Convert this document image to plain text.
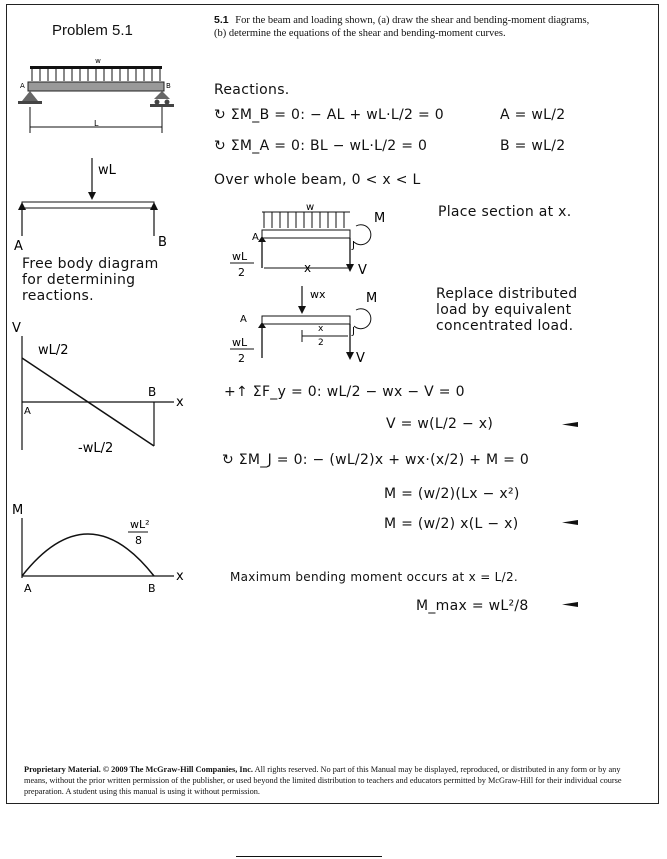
Problem 5.1
5.1 For the beam and loading shown, (a) draw the shear and bending-moment diagrams, (b) determine the equations of the shear and bending-moment curves.
w
A	B
L
wL
A	B
Free body diagram
for determining
reactions.
V
x
wL/2
-wL/2
A
B
M
x
wL²
8
A	B
Reactions.
↻ ΣM_B = 0: − AL + wL·L/2 = 0	A = wL/2
↻ ΣM_A = 0: BL − wL·L/2 = 0	B = wL/2
Over whole beam, 0 < x < L
w
M
A
J
wL
2	x	V
Place section at x.
wx	M
A
J
wL
2
x
2
V
Replace distributed
load by equivalent
concentrated load.
+↑ ΣF_y = 0: wL/2 − wx − V = 0
V = w(L/2 − x)
↻ ΣM_J = 0: − (wL/2)x + wx·(x/2) + M = 0
M = (w/2)(Lx − x²)
M = (w/2) x(L − x)
Maximum bending moment occurs at x = L/2.
M_max = wL²/8
Proprietary Material. © 2009 The McGraw-Hill Companies, Inc. All rights reserved. No part of this Manual may be displayed, reproduced, or distributed in any form or by any means, without the prior written permission of the publisher, or used beyond the limited distribution to teachers and educators permitted by McGraw-Hill for their individual course preparation. A student using this manual is using it without permission.
